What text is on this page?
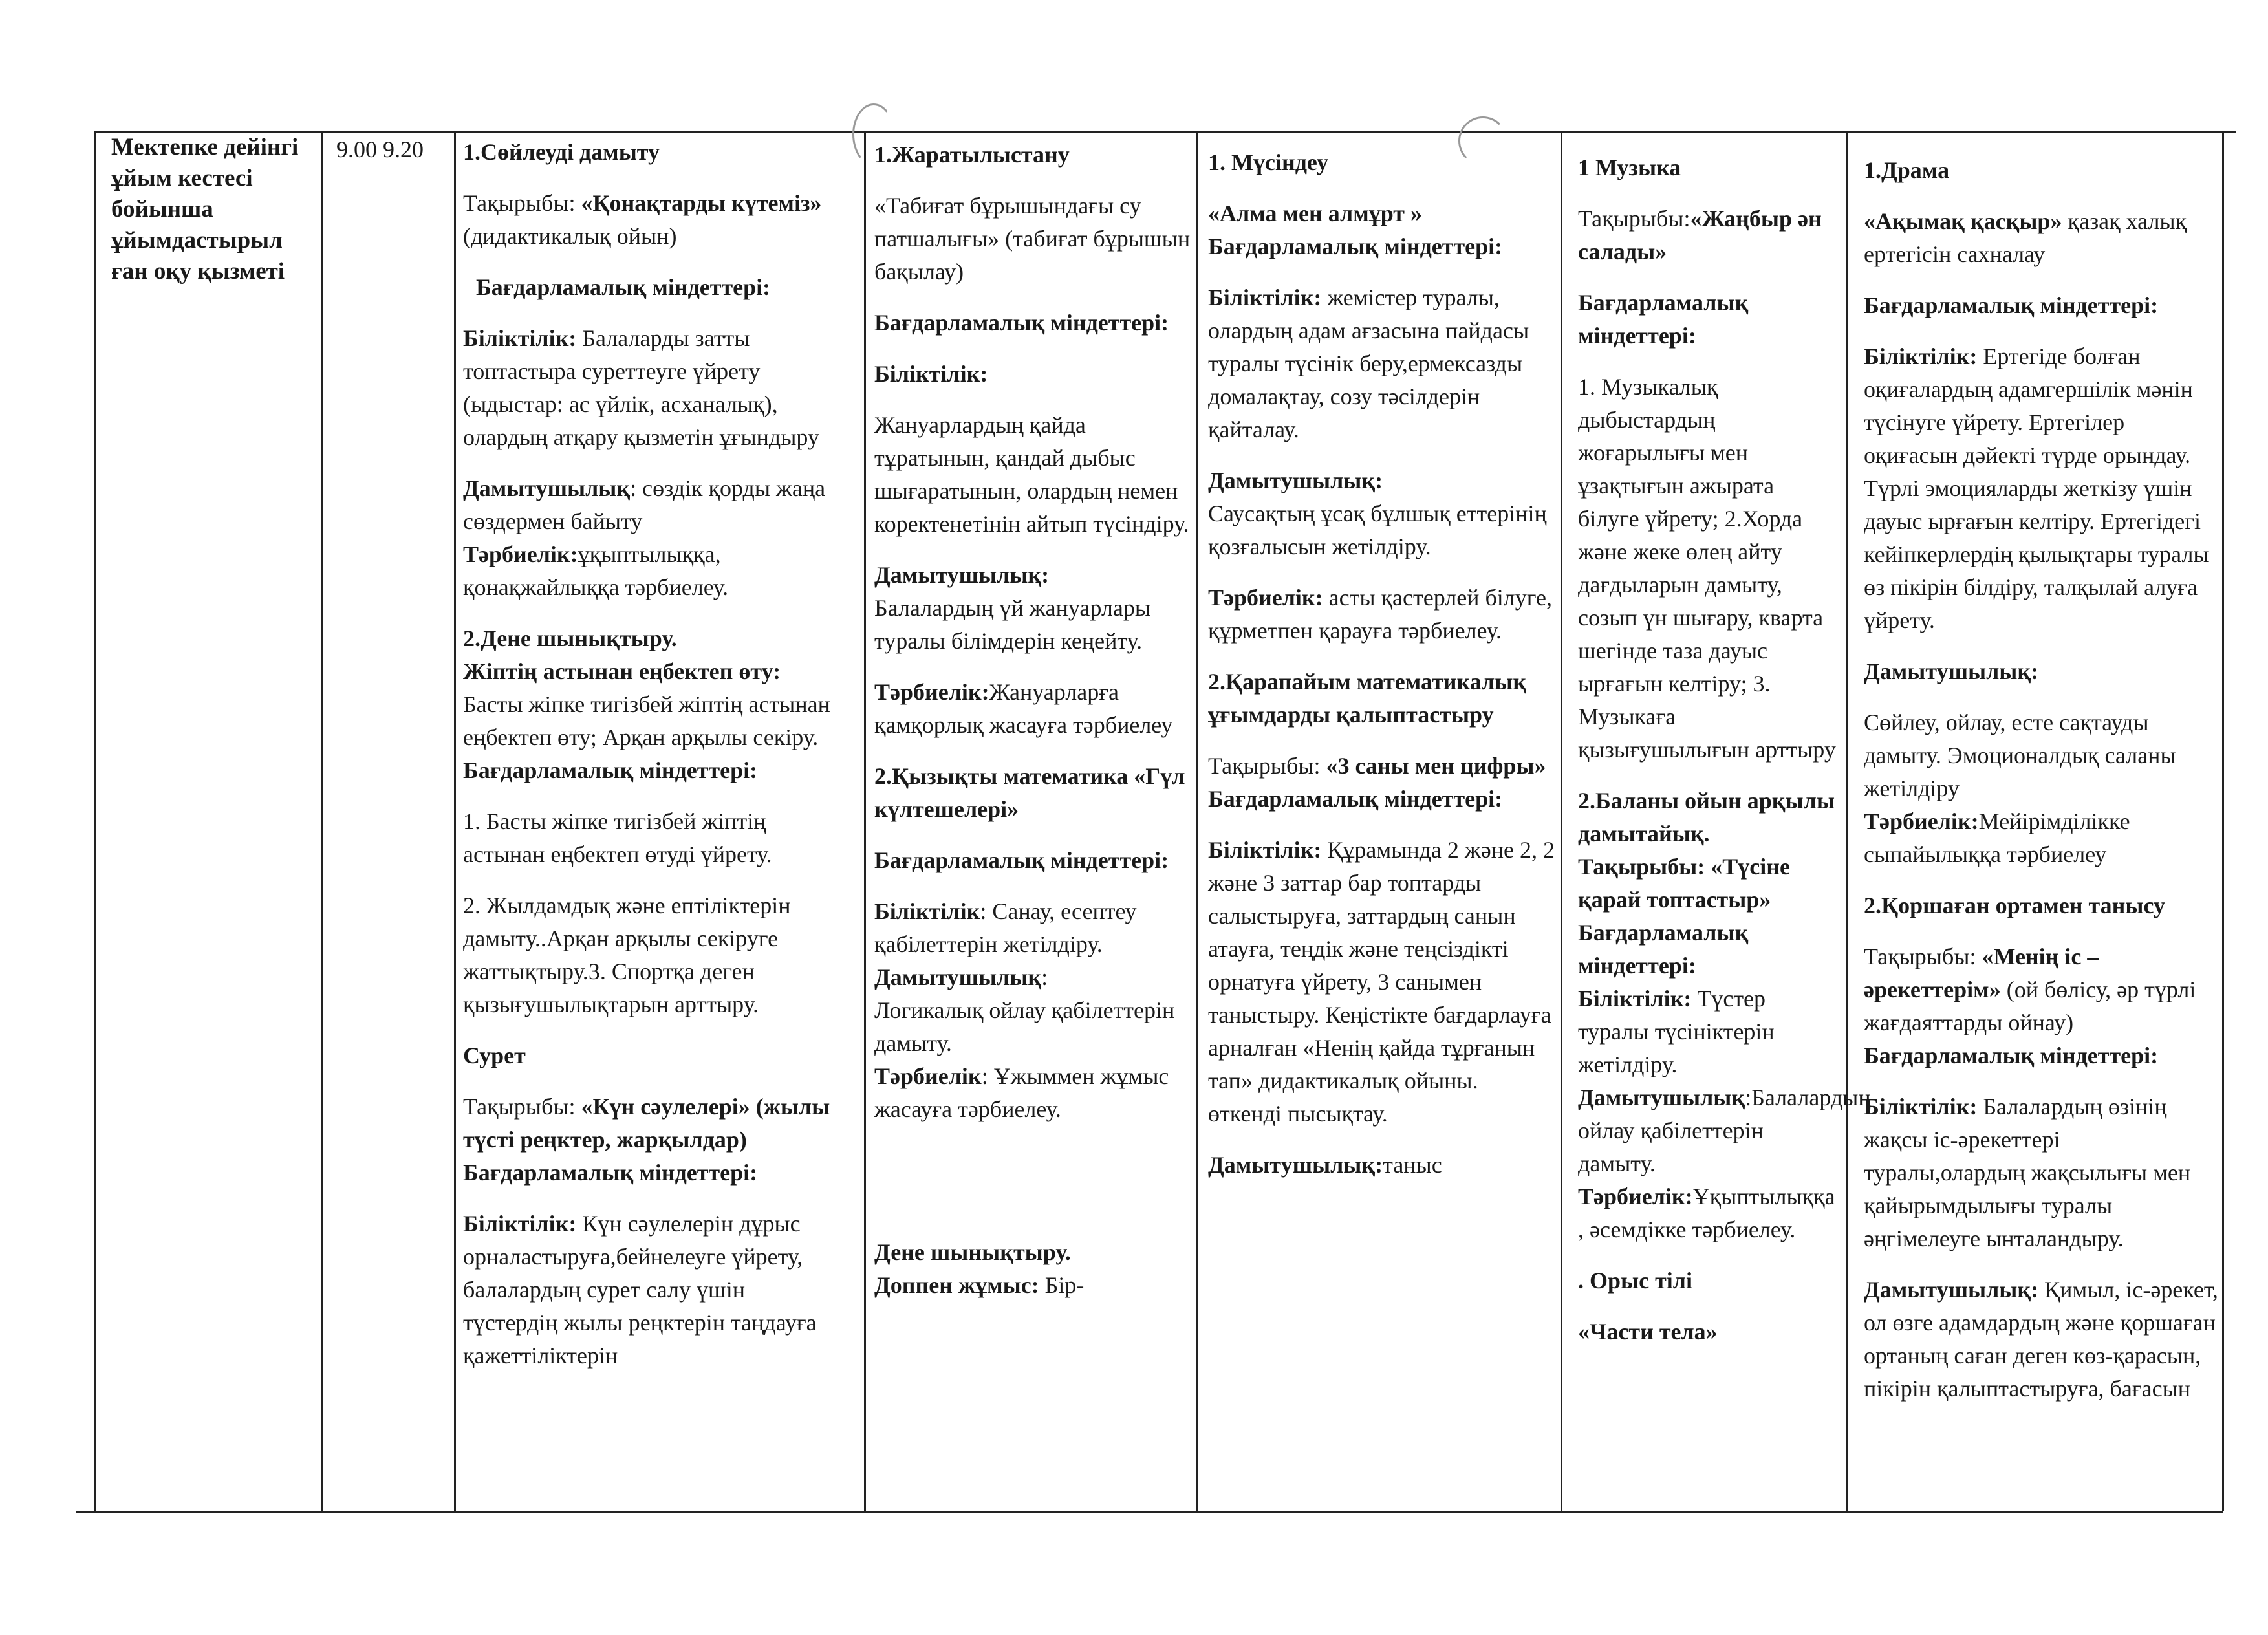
Мектепке дейінгі ұйым кестесі бойынша ұйымдастырыл ған оқу қызметі
9.00 9.20	1.Сөйлеуді дамыту

Тақырыбы: «Қонақтарды күтеміз» (дидактикалық ойын)

Бағдарламалық міндеттері:

Біліктілік: Балаларды затты топтастыра суреттеуге үйрету (ыдыстар: ас үйлік, асханалық), олардың атқару қызметін ұғындыру

Дамытушылық: сөздік қорды жаңа сөздермен байыту

Тәрбиелік:ұқыптылыққа, қонақжайлыққа тәрбиелеу.

2.Дене шынықтыру.

Жіптің астынан еңбектеп өту:

Басты жіпке тигізбей жіптің астынан еңбектеп өту; Арқан арқылы секіру.

Бағдарламалық міндеттері:

1. Басты жіпке тигізбей жіптің астынан еңбектеп өтуді үйрету.

2. Жылдамдық және ептіліктерін дамыту..Арқан арқылы секіруге жаттықтыру.3. Спортқа деген қызығушылықтарын арттыру.

Сурет

Тақырыбы: «Күн сәулелері» (жылы түсті реңктер, жарқылдар)

Бағдарламалық міндеттері:

Біліктілік: Күн сәулелерін дұрыс орналастыруға,бейнелеуге үйрету, балалардың сурет салу үшін түстердің жылы реңктерін таңдауға қажеттіліктерін

1.Жаратылыстану

«Табиғат бұрышындағы су патшалығы» (табиғат бұрышын бақылау)

Бағдарламалық міндеттері:

Біліктілік:

Жануарлардың қайда тұратынын, қандай дыбыс шығаратынын, олардың немен коректенетінін айтып түсіндіру.

Дамытушылық:
Балалардың үй жануарлары туралы білімдерін кеңейту.

Тәрбиелік:Жануарларға қамқорлық жасауға тәрбиелеу

2.Қызықты математика «Гүл күлтешелері»

Бағдарламалық міндеттері:

Біліктілік: Санау, есептеу қабілеттерін жетілдіру.

Дамытушылық:
Логикалық ойлау қабілеттерін дамыту.

Тәрбиелік: Ұжыммен жұмыс жасауға тәрбиелеу.

Дене шынықтыру.

Доппен жұмыс: Бір-

1. Мүсіндеу

«Алма мен алмұрт »

Бағдарламалық міндеттері:

Біліктілік: жемістер туралы, олардың адам ағзасына пайдасы туралы түсінік беру,ермексазды домалақтау, созу тәсілдерін қайталау.

Дамытушылық:
Саусақтың ұсақ бұлшық еттерінің қозғалысын жетілдіру.

Тәрбиелік: асты қастерлей білуге, құрметпен қарауға тәрбиелеу.

2.Қарапайым математикалық ұғымдарды қалыптастыру

Тақырыбы: «3 саны мен цифры»

Бағдарламалық міндеттері:

Біліктілік: Құрамында 2 және 2, 2 және 3 заттар бар топтарды салыстыруға, заттардың санын атауға, теңдік және теңсіздікті орнатуға үйрету, 3 санымен таныстыру. Кеңістікте бағдарлауға арналған «Ненің қайда тұрғанын тап» дидактикалық ойыны. өткенді пысықтау.

Дамытушылық:таныс

1 Музыка

Тақырыбы:«Жаңбыр ән салады»

Бағдарламалық міндеттері:

1. Музыкалық дыбыстардың жоғарылығы мен ұзақтығын ажырата білуге үйрету; 2.Хорда және жеке өлең айту дағдыларын дамыту, созып үн шығару, кварта шегінде таза дауыс ырғағын келтіру; 3. Музыкаға қызығушылығын арттыру

2.Баланы ойын арқылы дамытайық.

Тақырыбы: «Түсіне қарай топтастыр»

Бағдарламалық міндеттері:

Біліктілік: Түстер туралы түсініктерін жетілдіру.

Дамытушылық:Балалардың ойлау қабілеттерін дамыту.

Тәрбиелік:Ұқыптылыққа , әсемдікке тәрбиелеу.

. Орыс тілі

«Части тела»

1.Драма

«Ақымақ қасқыр» қазақ халық ертегісін сахналау

Бағдарламалық міндеттері:

Біліктілік: Ертегіде болған оқиғалардың адамгершілік мәнін түсінуге үйрету. Ертегілер оқиғасын дәйекті түрде орындау. Түрлі эмоцияларды жеткізу үшін дауыс ырғағын келтіру. Ертегідегі кейіпкерлердің қылықтары туралы өз пікірін білдіру, талқылай алуға үйрету.

Дамытушылық:

Сөйлеу, ойлау, есте сақтауды дамыту. Эмоционалдық саланы жетілдіру

Тәрбиелік:Мейірімділікке сыпайылыққа тәрбиелеу

2.Қоршаған ортамен танысу

Тақырыбы: «Менің іс – әрекеттерім» (ой бөлісу, әр түрлі жағдаяттарды ойнау)

Бағдарламалық міндеттері:

Біліктілік: Балалардың өзінің жақсы іс-әрекеттері туралы,олардың жақсылығы мен қайырымдылығы туралы әңгімелеуге ынталандыру.

Дамытушылық: Қимыл, іс-әрекет, ол өзге адамдардың және қоршаған ортаның саған деген көз-қарасын, пікірін қалыптастыруға, бағасын
